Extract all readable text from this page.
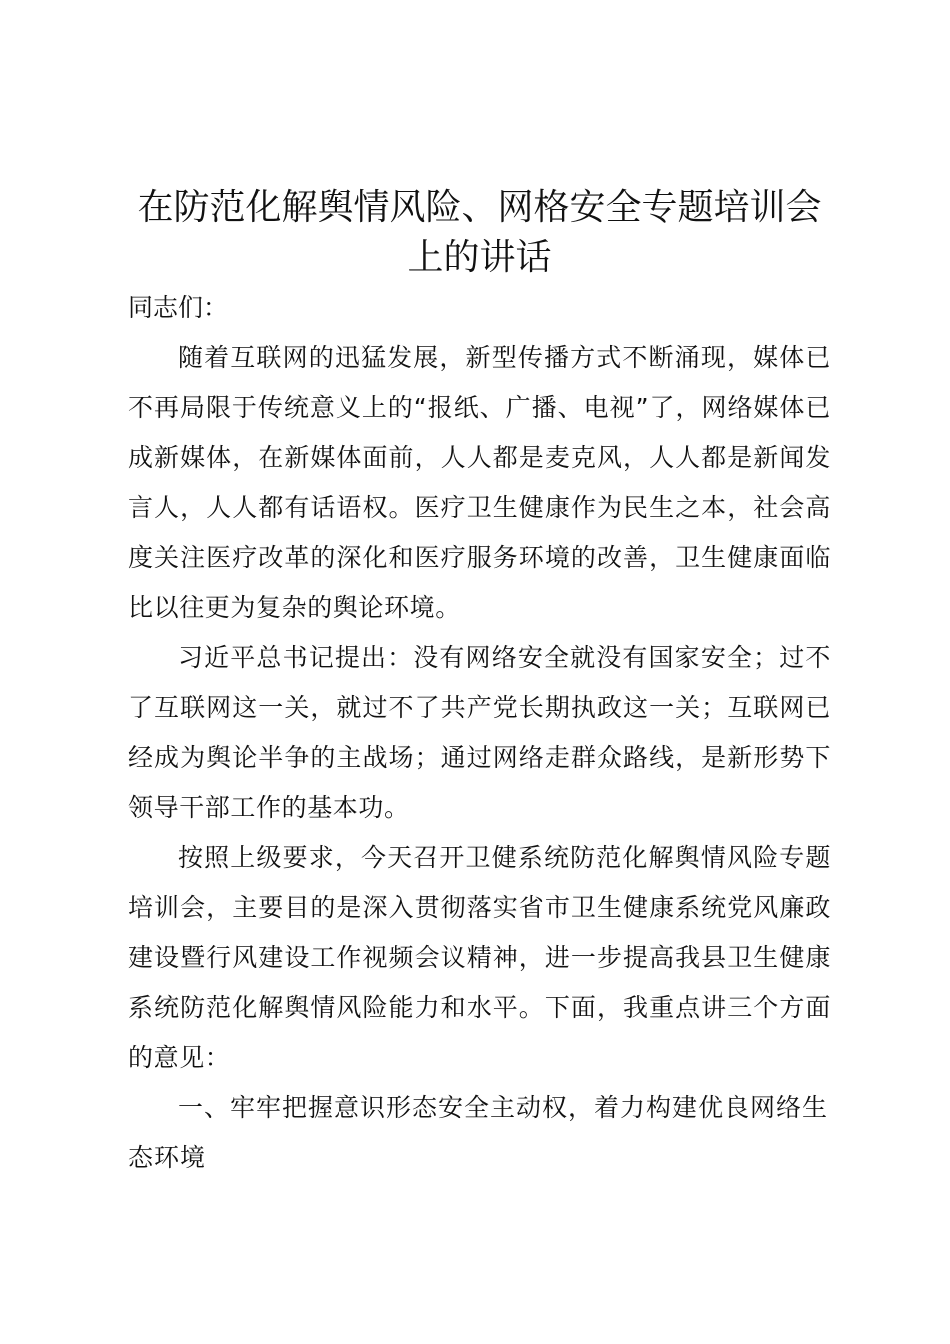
在防范化解舆情风险、网格安全专题培训会上的讲话

同志们：

随着互联网的迅猛发展，新型传播方式不断涌现，媒体已不再局限于传统意义上的“报纸、广播、电视”了，网络媒体已成新媒体，在新媒体面前，人人都是麦克风，人人都是新闻发言人，人人都有话语权。医疗卫生健康作为民生之本，社会高度关注医疗改革的深化和医疗服务环境的改善，卫生健康面临比以往更为复杂的舆论环境。

习近平总书记提出：没有网络安全就没有国家安全；过不了互联网这一关，就过不了共产党长期执政这一关；互联网已经成为舆论半争的主战场；通过网络走群众路线，是新形势下领导干部工作的基本功。

按照上级要求，今天召开卫健系统防范化解舆情风险专题培训会，主要目的是深入贯彻落实省市卫生健康系统党风廉政建设暨行风建设工作视频会议精神，进一步提高我县卫生健康系统防范化解舆情风险能力和水平。下面，我重点讲三个方面的意见：

一、牢牢把握意识形态安全主动权，着力构建优良网络生态环境
